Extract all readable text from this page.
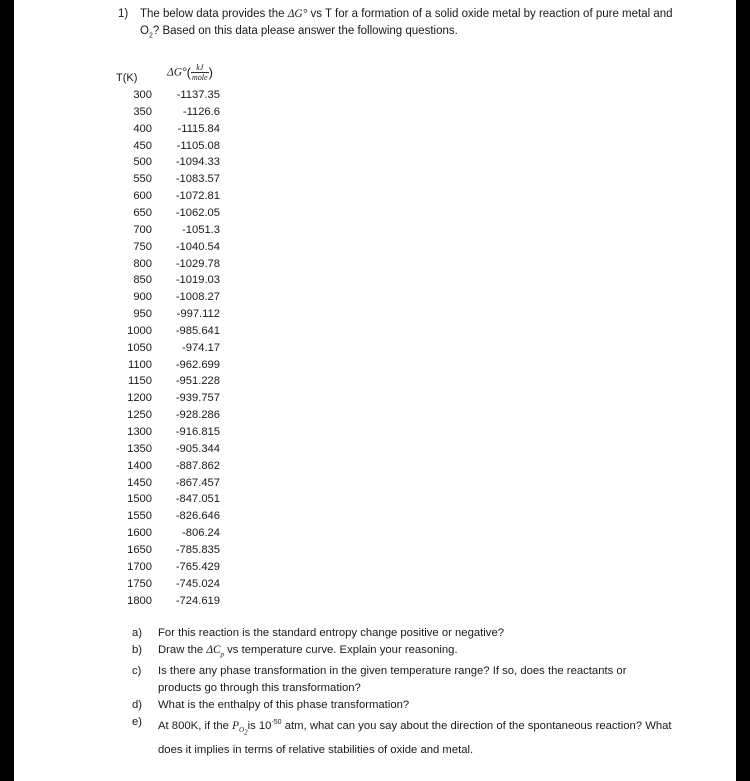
1) The below data provides the ΔG° vs T for a formation of a solid oxide metal by reaction of pure metal and $O_2$? Based on this data please answer the following questions.
T(K)	$\Delta G^\circ( \frac{kJ}{\text{mole}}$ )
300	-1137.35
350	-1126.6
400	-1115.84
450	-1105.08
500	-1094.33
550	-1083.57
600	-1072.81
650	-1062.05
700	-1051.3
750	-1040.54
800	-1029.78
850	-1019.03
900	-1008.27
950	-997.112
1000	-985.641
1050	-974.17
1100	-962.699
1150	-951.228
1200	-939.757
1250	-928.286
1300	-916.815
1350	-905.344
1400	-887.862
1450	-867.457
1500	-847.051
1550	-826.646
1600	-806.24
1650	-785.835
1700	-765.429
1750	-745.024
1800	-724.619

a) For this reaction is the standard entropy change positive or negative?

b) Draw the $\Delta C_p$ vs temperature curve. Explain your reasoning.

c) Is there any phase transformation in the given temperature range? If so, does the reactants or products go through this transformation?

d) What is the enthalpy of this phase transformation?

e) At 800K, if the $P_{O_2}is$ $10^{-50}$ atm, what can you say about the direction of the spontaneous reaction? What does it implies in terms of relative stabilities of oxide and metal.
